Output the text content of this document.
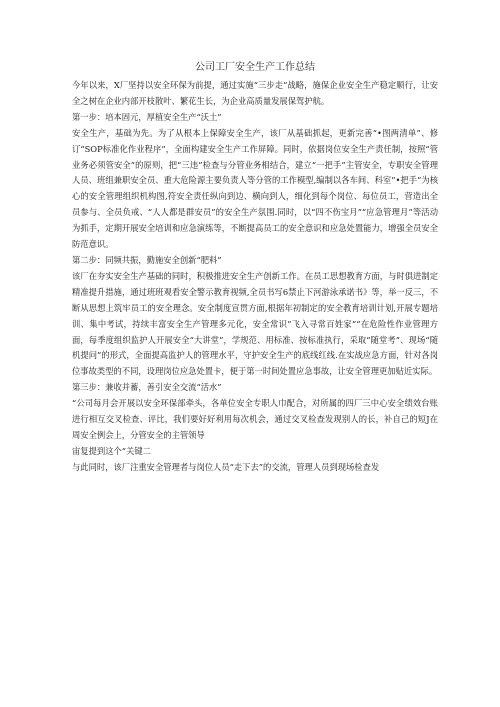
公司工厂安全生产工作总结

今年以来，X厂坚持以安全环保为前提，通过实施“三步走”战略，施保企业安全生产稳定顺行，让安全之树在企业内部开枝散叶、繁花生长，为企业高质量发展保驾护航。

第一步：培本固元，厚植安全生产“沃土”

安全生产，基础为先。为了从根本上保障安全生产，该厂从基础抓起，更新完善“•图两清单”、修订“SOP标准化作业程序”，全面构建安全生产工作屏障。同时，依据岗位安全生产责任制，按照“管业务必须管安全”的原则，把“三违”检查与分管业务相结合，建立“一把手”主管安全，专职安全管理人员、班组兼职安全员、重大危险源主要负责人等分管的工作模型,编制以各车间、科室”•把手”为核心的安全管理组织机构图,符安全责任纵向到边、横向到人，细化到每个岗位、每位员工，营造出全员参与、全员负戒、“人人都是群安员”的安全生产氛围.同时，以“四不伤宝月”“应急管理月”等活动为抓手，定期开展安全培训和应急演练等，不断提高员工的安全意识和应急处置能力，增强全员安全防范意识。

第二步：同频共振，勤施安全创新“肥料”

该厂在夯实安全生产基础的同时，积极推进安全生产创新工作。在员工思想教育方面，与时俱进制定精准提升措施，通过班班观看安全警示教育视频,全员书写6禁止下河游泳承诺书》等，举一反三，不断从思想上筑牢员工的安全理念。安全制度宣贯方面,根据年初制定的安全教育培训计划,开展专题培训、集中考试，持续丰富安全生产管理多元化，安全常识”飞入寻常百姓家”“在危险性作业管理方面，每季度组织监护人开展安全“大讲堂”，学规范、用标准、按标准执行，采取“随堂考”、现场“随机提问”的形式，全面提高监护人的管理水平，守护安全生产的底线红线.在实战应急方面，针对各岗位事故类型的不同，设理岗位应急处置卡，便于第一时间处置应急事故，让安全管理更加贴近实际。

第三步：兼收并蓄，善引安全交流“活水”

“公司每月会开展以安全环保部牵头，各单位安全专职人巾配合，对所属的四厂三中心安全绩效台账进行相互交叉检查、评比，我们要好好利用每次机会，通过交叉检查发现别人的长，补自己的短J在周安全例会上，分管安全的主管领导

宙复提到这个“关键二

与此同时，该厂注重安全管理者与岗位人员“走下去”的交流，管理人员到现场检查发
